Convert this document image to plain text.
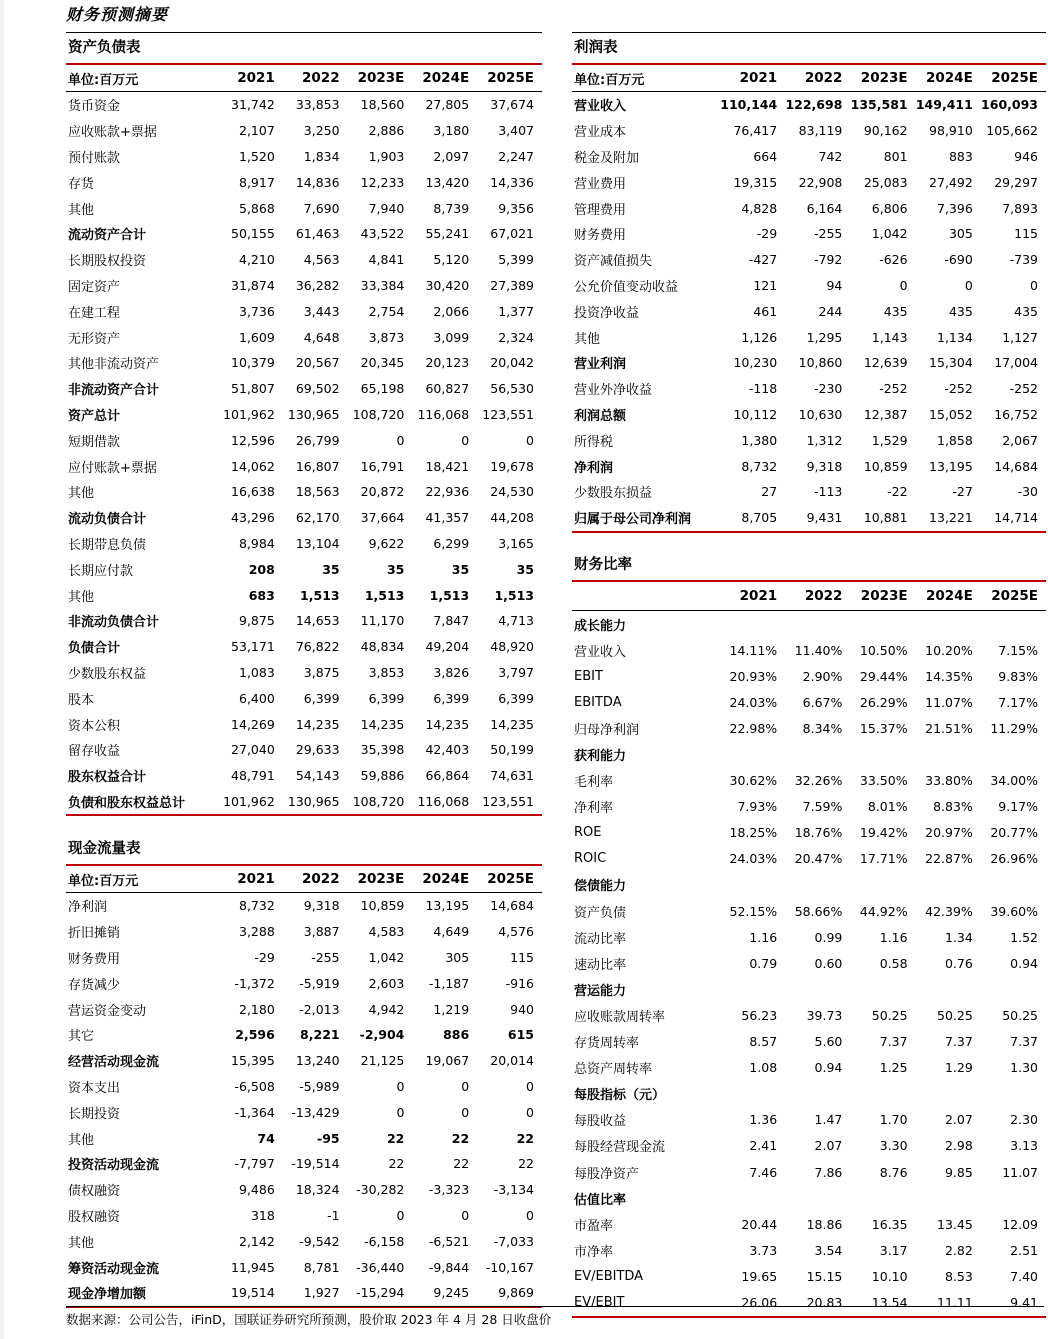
财务预测摘要
资产负债表
单位:百万元	2021	2022	2023E	2024E	2025E
货币资金	31,742	33,853	18,560	27,805	37,674
应收账款+票据	2,107	3,250	2,886	3,180	3,407
预付账款	1,520	1,834	1,903	2,097	2,247
存货	8,917	14,836	12,233	13,420	14,336
其他	5,868	7,690	7,940	8,739	9,356
流动资产合计	50,155	61,463	43,522	55,241	67,021
长期股权投资	4,210	4,563	4,841	5,120	5,399
固定资产	31,874	36,282	33,384	30,420	27,389
在建工程	3,736	3,443	2,754	2,066	1,377
无形资产	1,609	4,648	3,873	3,099	2,324
其他非流动资产	10,379	20,567	20,345	20,123	20,042
非流动资产合计	51,807	69,502	65,198	60,827	56,530
资产总计	101,962	130,965	108,720	116,068	123,551
短期借款	12,596	26,799	0	0	0
应付账款+票据	14,062	16,807	16,791	18,421	19,678
其他	16,638	18,563	20,872	22,936	24,530
流动负债合计	43,296	62,170	37,664	41,357	44,208
长期带息负债	8,984	13,104	9,622	6,299	3,165
长期应付款	208	35	35	35	35
其他	683	1,513	1,513	1,513	1,513
非流动负债合计	9,875	14,653	11,170	7,847	4,713
负债合计	53,171	76,822	48,834	49,204	48,920
少数股东权益	1,083	3,875	3,853	3,826	3,797
股本	6,400	6,399	6,399	6,399	6,399
资本公积	14,269	14,235	14,235	14,235	14,235
留存收益	27,040	29,633	35,398	42,403	50,199
股东权益合计	48,791	54,143	59,886	66,864	74,631
负债和股东权益总计	101,962	130,965	108,720	116,068	123,551
现金流量表
单位:百万元	2021	2022	2023E	2024E	2025E
净利润	8,732	9,318	10,859	13,195	14,684
折旧摊销	3,288	3,887	4,583	4,649	4,576
财务费用	-29	-255	1,042	305	115
存货减少	-1,372	-5,919	2,603	-1,187	-916
营运资金变动	2,180	-2,013	4,942	1,219	940
其它	2,596	8,221	-2,904	886	615
经营活动现金流	15,395	13,240	21,125	19,067	20,014
资本支出	-6,508	-5,989	0	0	0
长期投资	-1,364	-13,429	0	0	0
其他	74	-95	22	22	22
投资活动现金流	-7,797	-19,514	22	22	22
债权融资	9,486	18,324	-30,282	-3,323	-3,134
股权融资	318	-1	0	0	0
其他	2,142	-9,542	-6,158	-6,521	-7,033
筹资活动现金流	11,945	8,781	-36,440	-9,844	-10,167
现金净增加额	19,514	1,927	-15,294	9,245	9,869
利润表
单位:百万元	2021	2022	2023E	2024E	2025E
营业收入	110,144 122,698 135,581 149,411 160,093
营业成本	76,417	83,119	90,162	98,910	105,662
税金及附加	664	742	801	883	946
营业费用	19,315	22,908	25,083	27,492	29,297
管理费用	4,828	6,164	6,806	7,396	7,893
财务费用	-29	-255	1,042	305	115
资产减值损失	-427	-792	-626	-690	-739
公允价值变动收益	121	94	0	0	0
投资净收益	461	244	435	435	435
其他	1,126	1,295	1,143	1,134	1,127
营业利润	10,230	10,860	12,639	15,304	17,004
营业外净收益	-118	-230	-252	-252	-252
利润总额	10,112	10,630	12,387	15,052	16,752
所得税	1,380	1,312	1,529	1,858	2,067
净利润	8,732	9,318	10,859	13,195	14,684
少数股东损益	27	-113	-22	-27	-30
归属于母公司净利润	8,705	9,431	10,881	13,221	14,714
财务比率
2021	2022	2023E	2024E	2025E
成长能力
营业收入	14.11%	11.40%	10.50%	10.20%	7.15%
EBIT	20.93%	2.90%	29.44%	14.35%	9.83%
EBITDA	24.03%	6.67%	26.29%	11.07%	7.17%
归母净利润	22.98%	8.34%	15.37%	21.51%	11.29%
获利能力
毛利率	30.62%	32.26%	33.50%	33.80%	34.00%
净利率	7.93%	7.59%	8.01%	8.83%	9.17%
ROE	18.25%	18.76%	19.42%	20.97%	20.77%
ROIC	24.03%	20.47%	17.71%	22.87%	26.96%
偿债能力
资产负债	52.15%	58.66%	44.92%	42.39%	39.60%
流动比率	1.16	0.99	1.16	1.34	1.52
速动比率	0.79	0.60	0.58	0.76	0.94
营运能力
应收账款周转率	56.23	39.73	50.25	50.25	50.25
存货周转率	8.57	5.60	7.37	7.37	7.37
总资产周转率	1.08	0.94	1.25	1.29	1.30
每股指标（元）
每股收益	1.36	1.47	1.70	2.07	2.30
每股经营现金流	2.41	2.07	3.30	2.98	3.13
每股净资产	7.46	7.86	8.76	9.85	11.07
估值比率
市盈率	20.44	18.86	16.35	13.45	12.09
市净率	3.73	3.54	3.17	2.82	2.51
EV/EBITDA	19.65	15.15	10.10	8.53	7.40
EV/EBIT	26.06	20.83	13.54	11.11	9.41
数据来源：公司公告，iFinD，国联证券研究所预测，股价取 2023 年 4 月 28 日收盘价
